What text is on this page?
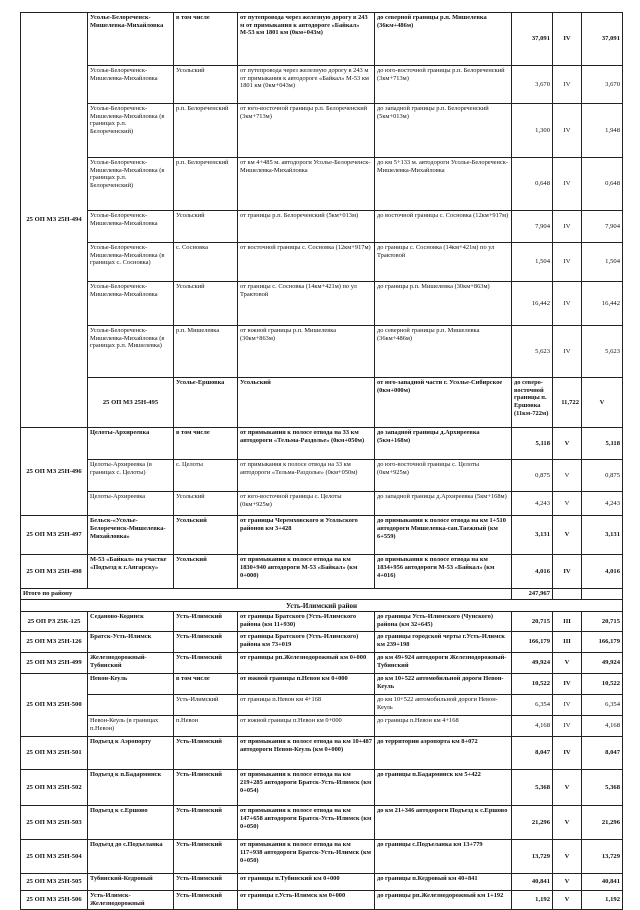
25 ОП МЗ 25Н-494	Усолье-Белореченск-Мишелевка-Михайловка	в том числе	от путепровода через железную дорогу в 243 м от примыкания к автодороге «Байкал» М-53 км 1801 км (0км+043м)	до северной границы р.п. Мишелевка (36км+486м)	37,091	IV	37,091	
	Усолье-Белореченск-Мишелевка-Михайловка	Усольский	от путепровода через железную дорогу в 243 м от примыкания к автодороге «Байкал» М-53 км 1801 км (0км+043м)	до юго-восточной границы р.п. Белореченский (3км+713м)	3,670	IV	3,670	
	Усолье-Белореченск-Мишелевка-Михайловка (в границах р.п. Белореченский)	р.п. Белореченский	от юго-восточной границы р.п. Белореченский (3км+713м)	до западной границы р.п. Белореченский (5км+013м)	1,300	IV	1,948	
	Усолье-Белореченск-Мишелевка-Михайловка (в границах р.п. Белореченский)	р.п. Белореченский	от км 4+485 м. автодороги Усолье-Белореченск-Мишелевка-Михайловка	до км 5+133 м. автодороги Усолье-Белореченск-Мишелевка-Михайловка	0,648	IV	0,648	
	Усолье-Белореченск-Мишелевка-Михайловка	Усольский	от границы р.п. Белореченский (5км+013м)	до восточной границы с. Сосновка (12км+917м)	7,904	IV	7,904	
	Усолье-Белореченск-Мишелевка-Михайловка (в границах с. Сосновка)	с. Сосновка	от восточной границы с. Сосновка (12км+917м)	до границы с. Сосновка (14км+421м) по ул Трактовой	1,504	IV	1,504	
	Усолье-Белореченск-Мишелевка-Михайловка	Усольский	от границы с. Сосновка (14км+421м) по ул Трактовой	до границы р.п. Мишелевка (30км+863м)	16,442	IV	16,442	
	Усолье-Белореченск-Мишелевка-Михайловка (в границах р.п. Мишелевка)	р.п. Мишелевка	от южной границы р.п. Мишелевка (30км+863м)	до северной границы р.п. Мишелевка (36км+486м)	5,623	IV	5,623	
	25 ОП МЗ 25Н-495	Усолье-Ершовка	Усольский	от юго-западной части г. Усолье-Сибирское (0км+000м)	до северо-восточной границы п. Ершовка (11км-722м)	11,722	V	
25 ОП МЗ 25Н-496	Целоты-Архиреевка	в том числе	от примыкания к полосе отвода на 33 км автодороги «Тельма-Раздолье» (0км+050м)	до западной границы д.Архиреевка (5км+168м)	5,118	V	5,118	
	Целоты-Архиреевка (в границах с. Целоты)	с. Целоты	от примыкания к полосе отвода на 33 км автодороги «Тельма-Раздолье» (0км+050м)	до юго-восточной границы с. Целоты (0км+925м)	0,875	V	0,875	
	Целоты-Архиреевка	Усольский	от юго-восточной границы с. Целоты (0км+925м)	до западной границы д.Архиреевка (5км+168м)	4,243	V	4,243	
25 ОП МЗ 25Н-497	Бельск-«Усолье-Белореченск-Мишелевка-Михайловка»	Усольский	от границы Черемховского и Усольского районов км 3+428	до примыкания к полосе отвода на км 1+510 автодороги Мишелевка-сан.Таежный (км 6+559)	3,131	V	3,131	
25 ОП МЗ 25Н-498	М-53 «Байкал» на участке «Подъезд к г.Ангарску»	Усольский	от примыкания к полосе отвода на км 1830+940 автодороги М-53 «Байкал» (км 0+000)	до примыкания к полосе отвода на км 1834+956 автодороги М-53 «Байкал» (км 4+016)	4,016	IV	4,016	
Итого по району					247,967			
Усть-Илимский район								
25 ОП РЗ 25К-125	Седаново-Кодинск	Усть-Илимский	от границы Братского (Усть-Илимского района (км 11+930)	до границы Усть-Илимского (Чунского) района (км 32+645)	20,715	III	20,715	
25 ОП МЗ 25Н-126	Братск-Усть-Илимск	Усть-Илимский	от границы Братского (Усть-Илимского) района км 73+019	до границы городской черты г.Усть-Илимск км 239+198	166,179	III	166,179	
25 ОП МЗ 25Н-499	Железнодорожный-Тубинский	Усть-Илимский	от границы рп.Железнодорожный км 0+000	до км 49+924 автодороги Железнодорожный-Тубинский	49,924	V	49,924	
25 ОП МЗ 25Н-500	Невон-Кеуль	в том числе	от южной границы п.Невон км 0+000	до км 10+522 автомобильной дороги Невон-Кеуль	10,522	IV	10,522	
		Усть-Илимский	от границы п.Невон км 4+168	до км 10+522 автомобильной дороги Невон-Кеуль	6,354	IV	6,354	
	Невон-Кеуль (в границах п.Невон)	п.Невон	от южной границы п.Невон км 0+000	до границы п.Невон км 4+168	4,168	IV	4,168	
25 ОП МЗ 25Н-501	Подъезд к Аэропорту	Усть-Илимский	от примыкания к полосе отвода на км 10+487 автодороги Невон-Кеуль (км 0+000)	до территории аэропорта км 8+072	8,047	IV	8,047	
25 ОП МЗ 25Н-502	Подъезд к п.Бадарминск	Усть-Илимский	от примыкания к полосе отвода на км 219+285 автодороги Братск-Усть-Илимск (км 0+054)	до границы п.Бадарминск км 5+422	5,368	V	5,368	
25 ОП МЗ 25Н-503	Подъезд к с.Ершово	Усть-Илимский	от примыкания к полосе отвода на км 147+658 автодороги Братск-Усть-Илимск (км 0+050)	до км 21+346 автодороги Подъезд к с.Ершово	21,296	V	21,296	
25 ОП МЗ 25Н-504	Подъезд до с.Подъеланка	Усть-Илимский	от примыкания к полосе отвода на км 117+938 автодороги Братск-Усть-Илимск (км 0+050)	до границы с.Подъеланка км 13+779	13,729	V	13,729	
25 ОП МЗ 25Н-505	Тубинский-Кедровый	Усть-Илимский	от границы п.Тубинский км 0+000	до границы п.Кедровый км 40+841	40,841	V	40,841	
25 ОП МЗ 25Н-506	Усть-Илимск-Железнодорожный	Усть-Илимский	от границы г.Усть-Илимск км 0+000	до границы рп.Железнодорожный км 1+192	1,192	V	1,192	
